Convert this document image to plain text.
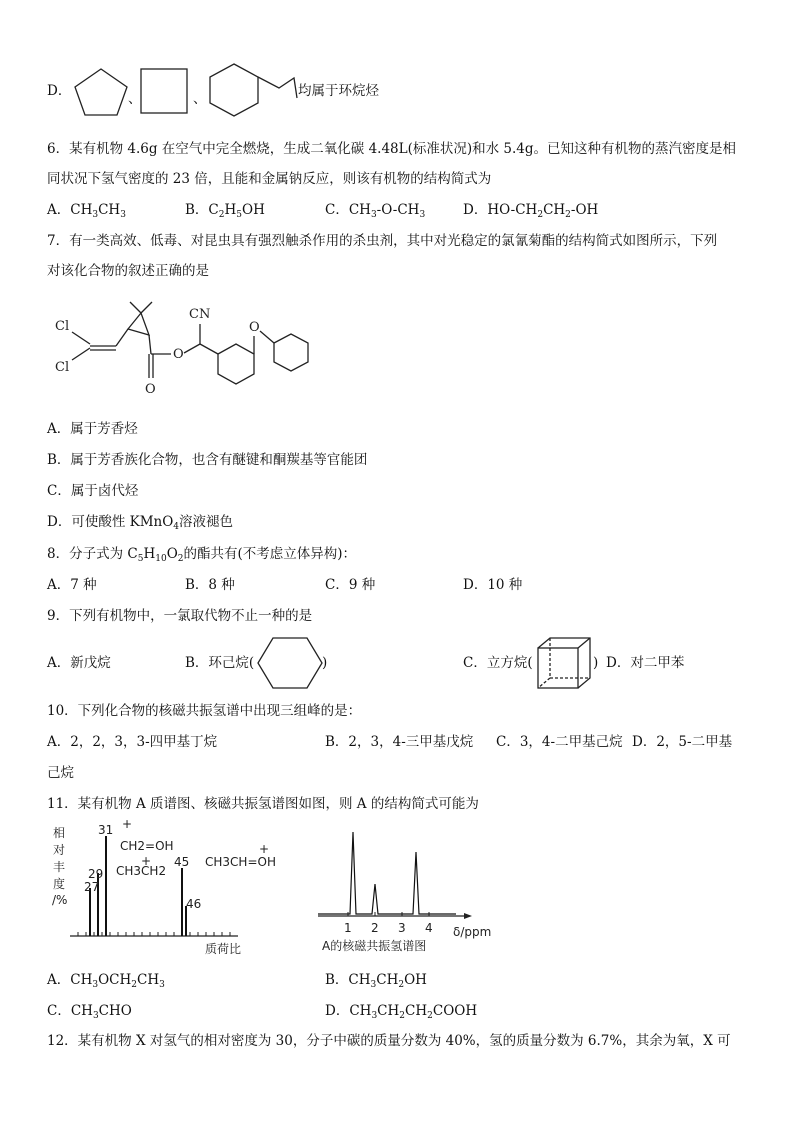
D．	、	、	均属于环烷烃
6．某有机物 4.6g 在空气中完全燃烧，生成二氧化碳 4.48L(标准状况)和水 5.4g。已知这种有机物的蒸汽密度是相
同状况下氢气密度的 23 倍，且能和金属钠反应，则该有机物的结构简式为
A．$CH_3CH_3$	B．$C_2H_5OH$	C．$CH_3-O-CH_3$	D．$HO-CH_2CH_2-OH$
7．有一类高效、低毒、对昆虫具有强烈触杀作用的杀虫剂，其中对光稳定的氯氰菊酯的结构简式如图所示，下列
对该化合物的叙述正确的是
Cl
Cl
O
O
CN
O
A．属于芳香烃
B．属于芳香族化合物，也含有醚键和酮羰基等官能团
C．属于卤代烃
D．可使酸性 KMnO$_4$溶液褪色
8．分子式为 $C_5H_{10}O_2$的酯共有(不考虑立体异构)：
A．7 种	B．8 种	C．9 种	D．10 种
9．下列有机物中，一氯取代物不止一种的是
A．新戊烷	B．环己烷(	)	C．立方烷(	) D．对二甲苯
10．下列化合物的核磁共振氢谱中出现三组峰的是：
A．2，2，3，3-四甲基丁烷	B．2，3，4-三甲基戊烷 C．3，4-二甲基己烷 D．2，5-二甲基
己烷
11．某有机物 A 质谱图、核磁共振氢谱图如图，则 A 的结构简式可能为
相
对
丰
度
/%
31
29
27
45
46
+
CH2=OH
+
CH3CH2
+
CH3CH=OH
质荷比
1 2 3 4 δ/ppm
A的核磁共振氢谱图
A．$CH_3OCH_2CH_3$	B．$CH_3CH_2OH$
C．$CH_3CHO$	D．$CH_3CH_2CH_2COOH$
12．某有机物 X 对氢气的相对密度为 30，分子中碳的质量分数为 40%，氢的质量分数为 6.7%，其余为氧，X 可
